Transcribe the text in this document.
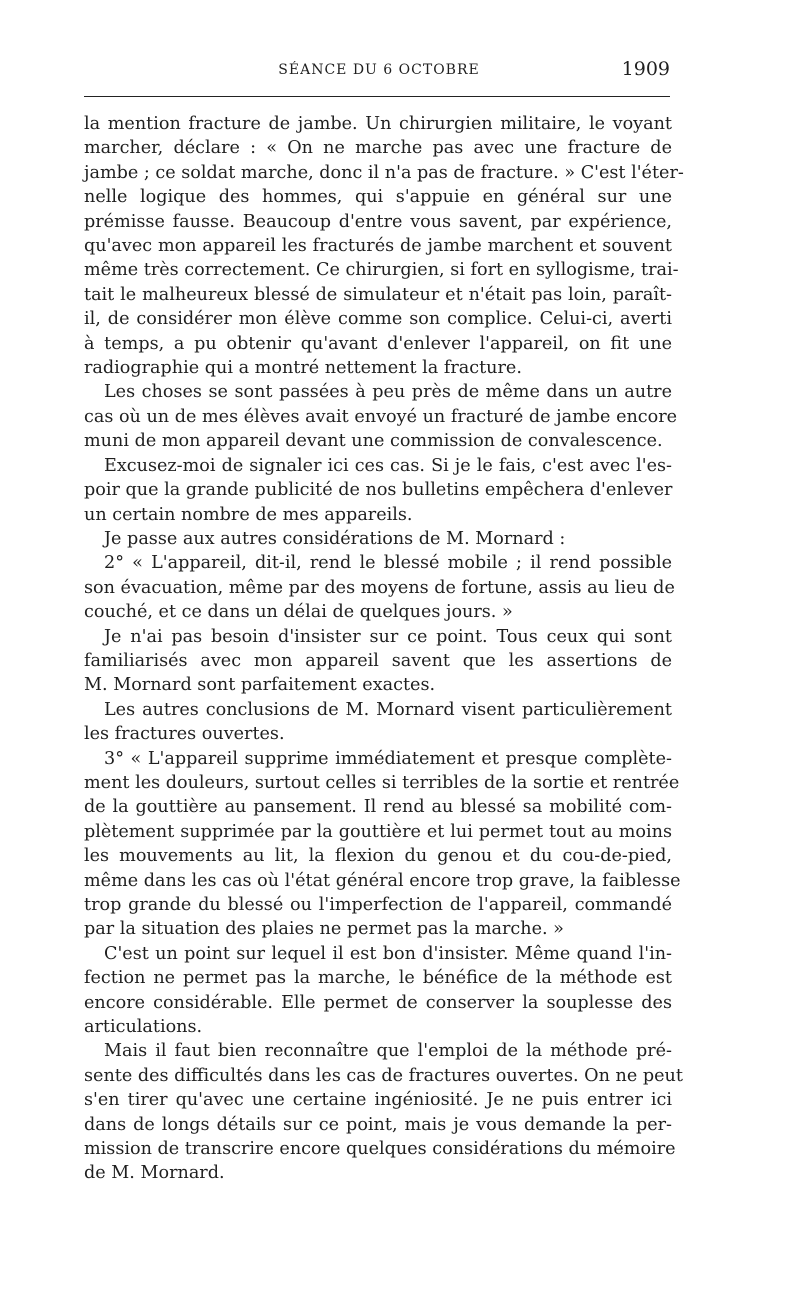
SÉANCE DU 6 OCTOBRE	1909
la mention fracture de jambe. Un chirurgien militaire, le voyant
marcher, déclare : « On ne marche pas avec une fracture de
jambe ; ce soldat marche, donc il n'a pas de fracture. » C'est l'éter-
nelle logique des hommes, qui s'appuie en général sur une
prémisse fausse. Beaucoup d'entre vous savent, par expérience,
qu'avec mon appareil les fracturés de jambe marchent et souvent
même très correctement. Ce chirurgien, si fort en syllogisme, trai-
tait le malheureux blessé de simulateur et n'était pas loin, paraît-
il, de considérer mon élève comme son complice. Celui-ci, averti
à temps, a pu obtenir qu'avant d'enlever l'appareil, on fit une
radiographie qui a montré nettement la fracture.
Les choses se sont passées à peu près de même dans un autre
cas où un de mes élèves avait envoyé un fracturé de jambe encore
muni de mon appareil devant une commission de convalescence.
Excusez-moi de signaler ici ces cas. Si je le fais, c'est avec l'es-
poir que la grande publicité de nos bulletins empêchera d'enlever
un certain nombre de mes appareils.
Je passe aux autres considérations de M. Mornard :
2° « L'appareil, dit-il, rend le blessé mobile ; il rend possible
son évacuation, même par des moyens de fortune, assis au lieu de
couché, et ce dans un délai de quelques jours. »
Je n'ai pas besoin d'insister sur ce point. Tous ceux qui sont
familiarisés avec mon appareil savent que les assertions de
M. Mornard sont parfaitement exactes.
Les autres conclusions de M. Mornard visent particulièrement
les fractures ouvertes.
3° « L'appareil supprime immédiatement et presque complète-
ment les douleurs, surtout celles si terribles de la sortie et rentrée
de la gouttière au pansement. Il rend au blessé sa mobilité com-
plètement supprimée par la gouttière et lui permet tout au moins
les mouvements au lit, la flexion du genou et du cou-de-pied,
même dans les cas où l'état général encore trop grave, la faiblesse
trop grande du blessé ou l'imperfection de l'appareil, commandé
par la situation des plaies ne permet pas la marche. »
C'est un point sur lequel il est bon d'insister. Même quand l'in-
fection ne permet pas la marche, le bénéfice de la méthode est
encore considérable. Elle permet de conserver la souplesse des
articulations.
Mais il faut bien reconnaître que l'emploi de la méthode pré-
sente des difficultés dans les cas de fractures ouvertes. On ne peut
s'en tirer qu'avec une certaine ingéniosité. Je ne puis entrer ici
dans de longs détails sur ce point, mais je vous demande la per-
mission de transcrire encore quelques considérations du mémoire
de M. Mornard.
